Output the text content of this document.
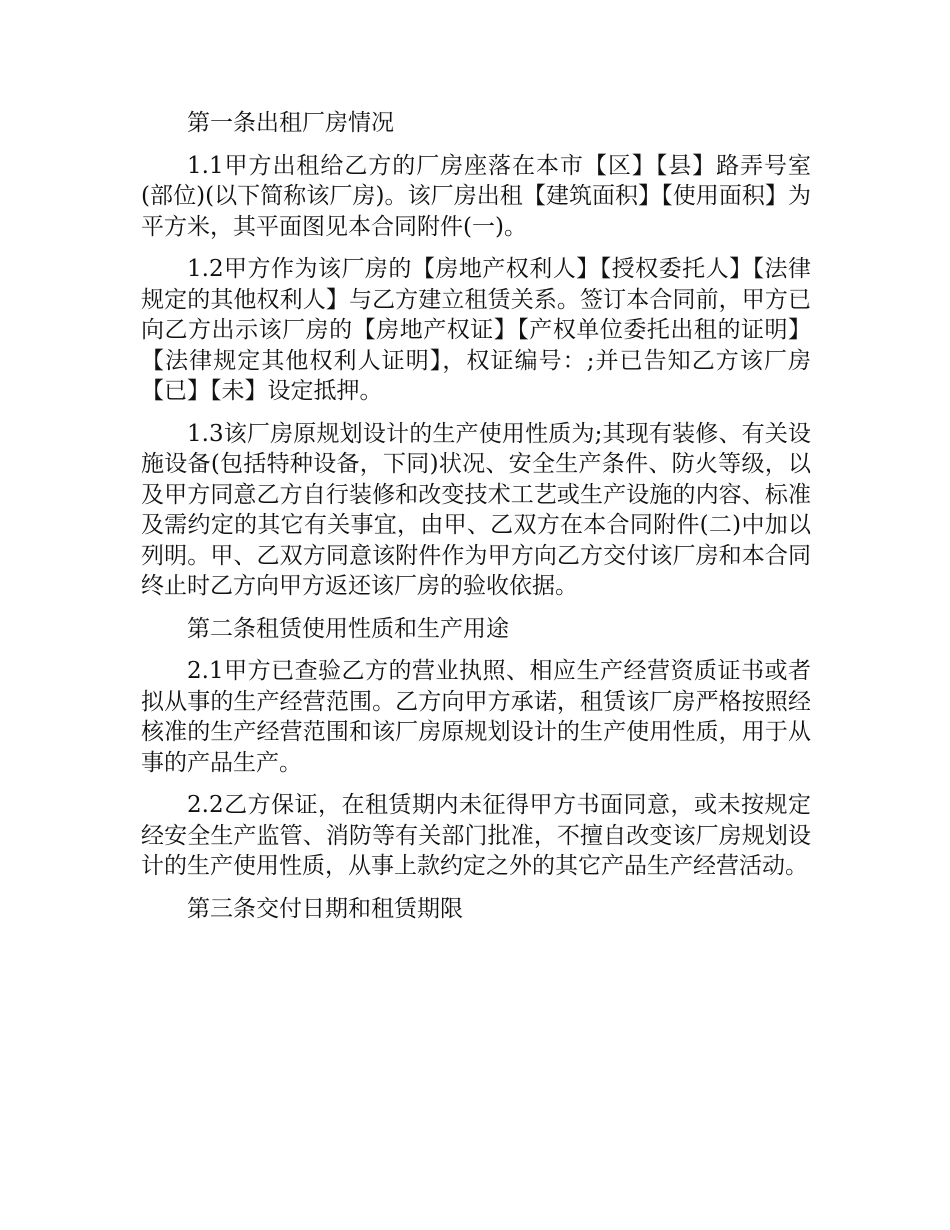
第一条出租厂房情况

1.1甲方出租给乙方的厂房座落在本市【区】【县】路弄号室(部位)(以下简称该厂房)。该厂房出租【建筑面积】【使用面积】为平方米，其平面图见本合同附件(一)。

1.2甲方作为该厂房的【房地产权利人】【授权委托人】【法律规定的其他权利人】与乙方建立租赁关系。签订本合同前，甲方已向乙方出示该厂房的【房地产权证】【产权单位委托出租的证明】【法律规定其他权利人证明】，权证编号：;并已告知乙方该厂房【已】【未】设定抵押。

1.3该厂房原规划设计的生产使用性质为;其现有装修、有关设施设备(包括特种设备，下同)状况、安全生产条件、防火等级，以及甲方同意乙方自行装修和改变技术工艺或生产设施的内容、标准及需约定的其它有关事宜，由甲、乙双方在本合同附件(二)中加以列明。甲、乙双方同意该附件作为甲方向乙方交付该厂房和本合同终止时乙方向甲方返还该厂房的验收依据。

第二条租赁使用性质和生产用途

2.1甲方已查验乙方的营业执照、相应生产经营资质证书或者拟从事的生产经营范围。乙方向甲方承诺，租赁该厂房严格按照经核准的生产经营范围和该厂房原规划设计的生产使用性质，用于从事的产品生产。

2.2乙方保证，在租赁期内未征得甲方书面同意，或未按规定经安全生产监管、消防等有关部门批准，不擅自改变该厂房规划设计的生产使用性质，从事上款约定之外的其它产品生产经营活动。

第三条交付日期和租赁期限
